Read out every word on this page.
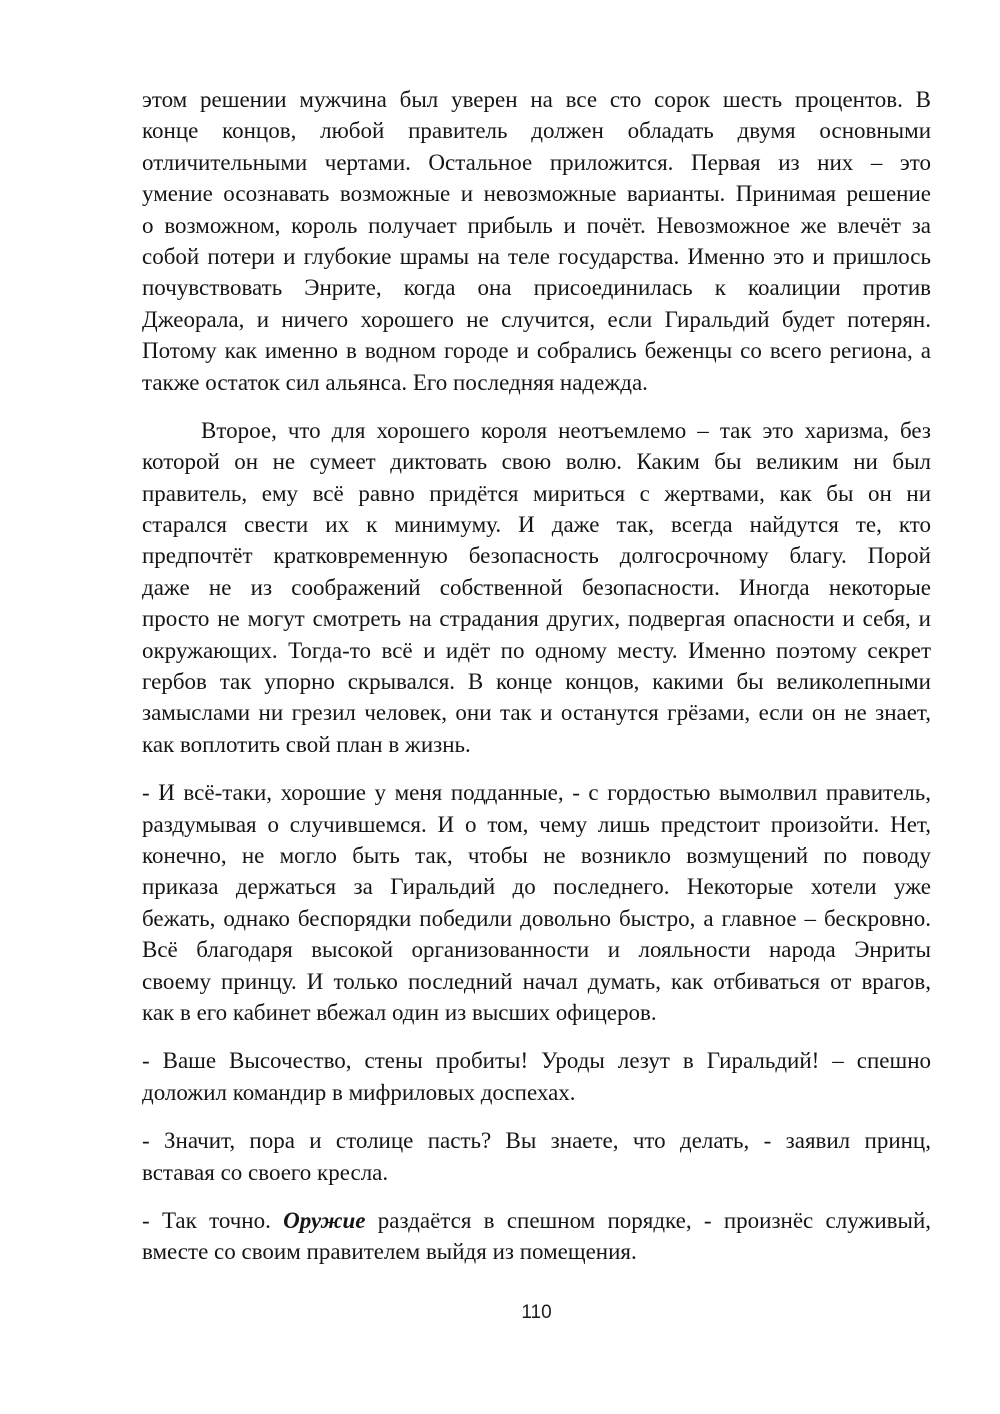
этом решении мужчина был уверен на все сто сорок шесть процентов. В
конце концов, любой правитель должен обладать двумя основными
отличительными чертами. Остальное приложится. Первая из них – это
умение осознавать возможные и невозможные варианты. Принимая решение
о возможном, король получает прибыль и почёт. Невозможное же влечёт за
собой потери и глубокие шрамы на теле государства. Именно это и пришлось
почувствовать Энрите, когда она присоединилась к коалиции против
Джеорала, и ничего хорошего не случится, если Гиральдий будет потерян.
Потому как именно в водном городе и собрались беженцы со всего региона, а
также остаток сил альянса. Его последняя надежда.
Второе, что для хорошего короля неотъемлемо – так это харизма, без
которой он не сумеет диктовать свою волю. Каким бы великим ни был
правитель, ему всё равно придётся мириться с жертвами, как бы он ни
старался свести их к минимуму. И даже так, всегда найдутся те, кто
предпочтёт кратковременную безопасность долгосрочному благу. Порой
даже не из соображений собственной безопасности. Иногда некоторые
просто не могут смотреть на страдания других, подвергая опасности и себя, и
окружающих. Тогда-то всё и идёт по одному месту. Именно поэтому секрет
гербов так упорно скрывался. В конце концов, какими бы великолепными
замыслами ни грезил человек, они так и останутся грёзами, если он не знает,
как воплотить свой план в жизнь.
- И всё-таки, хорошие у меня подданные, - с гордостью вымолвил правитель,
раздумывая о случившемся. И о том, чему лишь предстоит произойти. Нет,
конечно, не могло быть так, чтобы не возникло возмущений по поводу
приказа держаться за Гиральдий до последнего. Некоторые хотели уже
бежать, однако беспорядки победили довольно быстро, а главное – бескровно.
Всё благодаря высокой организованности и лояльности народа Энриты
своему принцу. И только последний начал думать, как отбиваться от врагов,
как в его кабинет вбежал один из высших офицеров.
- Ваше Высочество, стены пробиты! Уроды лезут в Гиральдий! – спешно
доложил командир в мифриловых доспехах.
- Значит, пора и столице пасть? Вы знаете, что делать, - заявил принц,
вставая со своего кресла.
- Так точно. Оружие раздаётся в спешном порядке, - произнёс служивый,
вместе со своим правителем выйдя из помещения.
110
